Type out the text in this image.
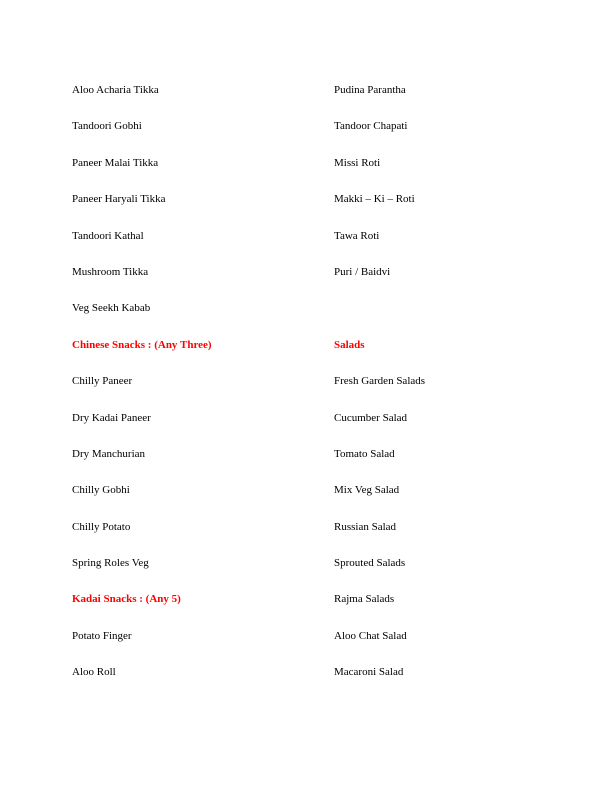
Aloo Acharia Tikka
Tandoori Gobhi
Paneer Malai Tikka
Paneer Haryali Tikka
Tandoori Kathal
Mushroom Tikka
Veg Seekh Kabab
Chinese Snacks : (Any Three)
Chilly Paneer
Dry Kadai Paneer
Dry Manchurian
Chilly Gobhi
Chilly Potato
Spring Roles Veg
Kadai Snacks : (Any 5)
Potato Finger
Aloo Roll
Pudina Parantha
Tandoor Chapati
Missi Roti
Makki – Ki – Roti
Tawa Roti
Puri / Baidvi
Salads
Fresh Garden Salads
Cucumber Salad
Tomato Salad
Mix Veg Salad
Russian Salad
Sprouted Salads
Rajma Salads
Aloo Chat Salad
Macaroni Salad
